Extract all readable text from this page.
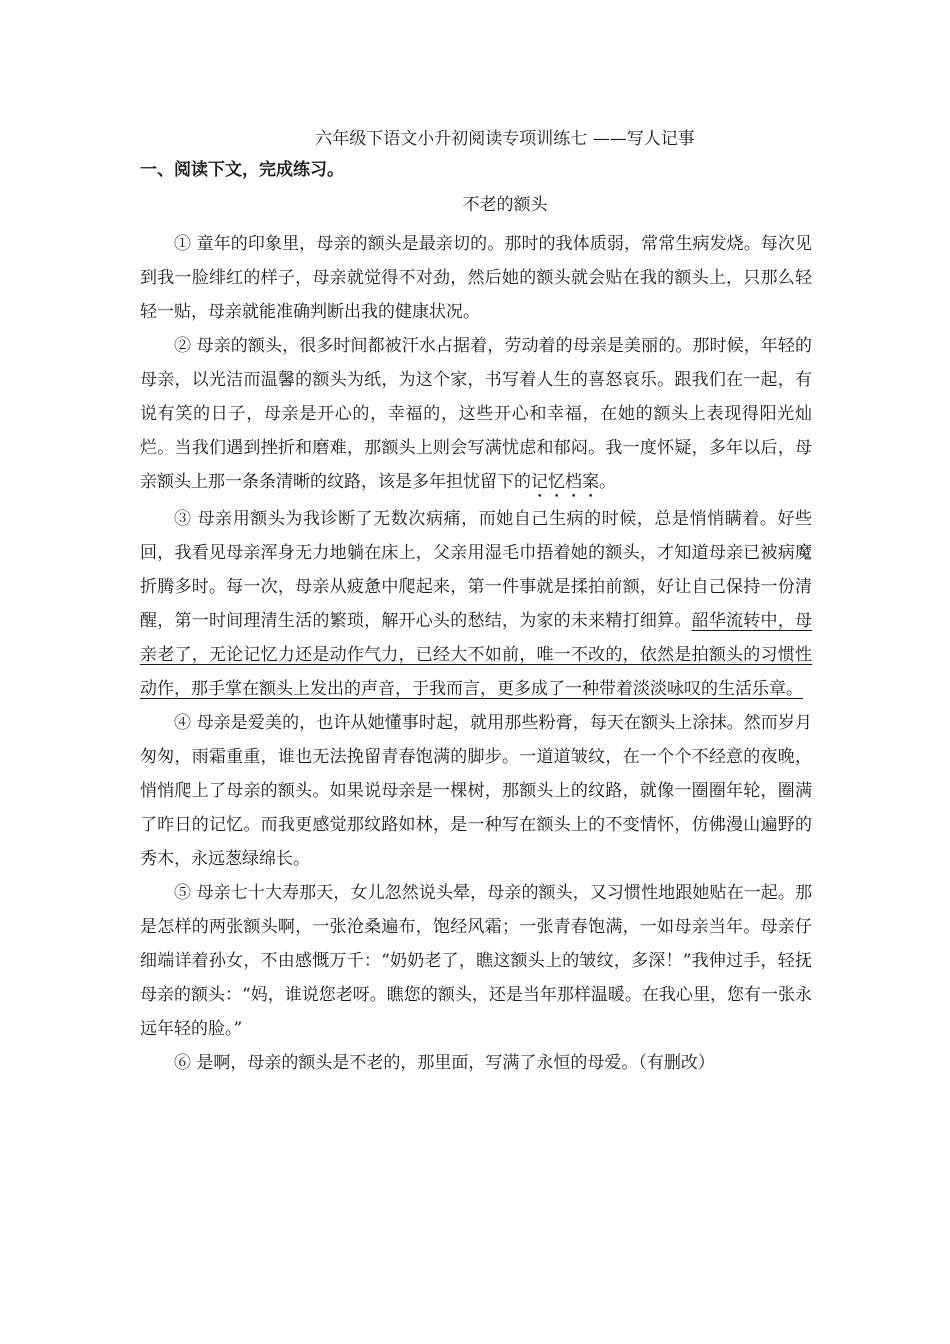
六年级下语文小升初阅读专项训练七 ——写人记事
一、阅读下文，完成练习。
不老的额头

① 童年的印象里，母亲的额头是最亲切的。那时的我体质弱，常常生病发烧。每次见到我一脸绯红的样子，母亲就觉得不对劲，然后她的额头就会贴在我的额头上，只那么轻轻一贴，母亲就能准确判断出我的健康状况。

② 母亲的额头，很多时间都被汗水占据着，劳动着的母亲是美丽的。那时候，年轻的母亲，以光洁而温馨的额头为纸，为这个家，书写着人生的喜怒哀乐。跟我们在一起，有说有笑的日子，母亲是开心的，幸福的，这些开心和幸福，在她的额头上表现得阳光灿烂。当我们遇到挫折和磨难，那额头上则会写满忧虑和郁闷。我一度怀疑，多年以后，母亲额头上那一条条清晰的纹路，该是多年担忧留下的记忆档案。

③ 母亲用额头为我诊断了无数次病痛，而她自己生病的时候，总是悄悄瞒着。好些回，我看见母亲浑身无力地躺在床上，父亲用湿毛巾捂着她的额头，才知道母亲已被病魔折腾多时。每一次，母亲从疲惫中爬起来，第一件事就是揉拍前额，好让自己保持一份清醒，第一时间理清生活的繁琐，解开心头的愁结，为家的未来精打细算。韶华流转中，母亲老了，无论记忆力还是动作气力，已经大不如前，唯一不改的，依然是拍额头的习惯性动作，那手掌在额头上发出的声音，于我而言，更多成了一种带着淡淡咏叹的生活乐章。

④ 母亲是爱美的，也许从她懂事时起，就用那些粉膏，每天在额头上涂抹。然而岁月匆匆，雨霜重重，谁也无法挽留青春饱满的脚步。一道道皱纹，在一个个不经意的夜晚，悄悄爬上了母亲的额头。如果说母亲是一棵树，那额头上的纹路，就像一圈圈年轮，圈满了昨日的记忆。而我更感觉那纹路如林，是一种写在额头上的不变情怀，仿佛漫山遍野的秀木，永远葱绿绵长。

⑤ 母亲七十大寿那天，女儿忽然说头晕，母亲的额头，又习惯性地跟她贴在一起。那是怎样的两张额头啊，一张沧桑遍布，饱经风霜；一张青春饱满，一如母亲当年。母亲仔细端详着孙女，不由感慨万千：“奶奶老了，瞧这额头上的皱纹，多深！”我伸过手，轻抚母亲的额头：“妈，谁说您老呀。瞧您的额头，还是当年那样温暖。在我心里，您有一张永远年轻的脸。”

⑥ 是啊，母亲的额头是不老的，那里面，写满了永恒的母爱。（有删改）
